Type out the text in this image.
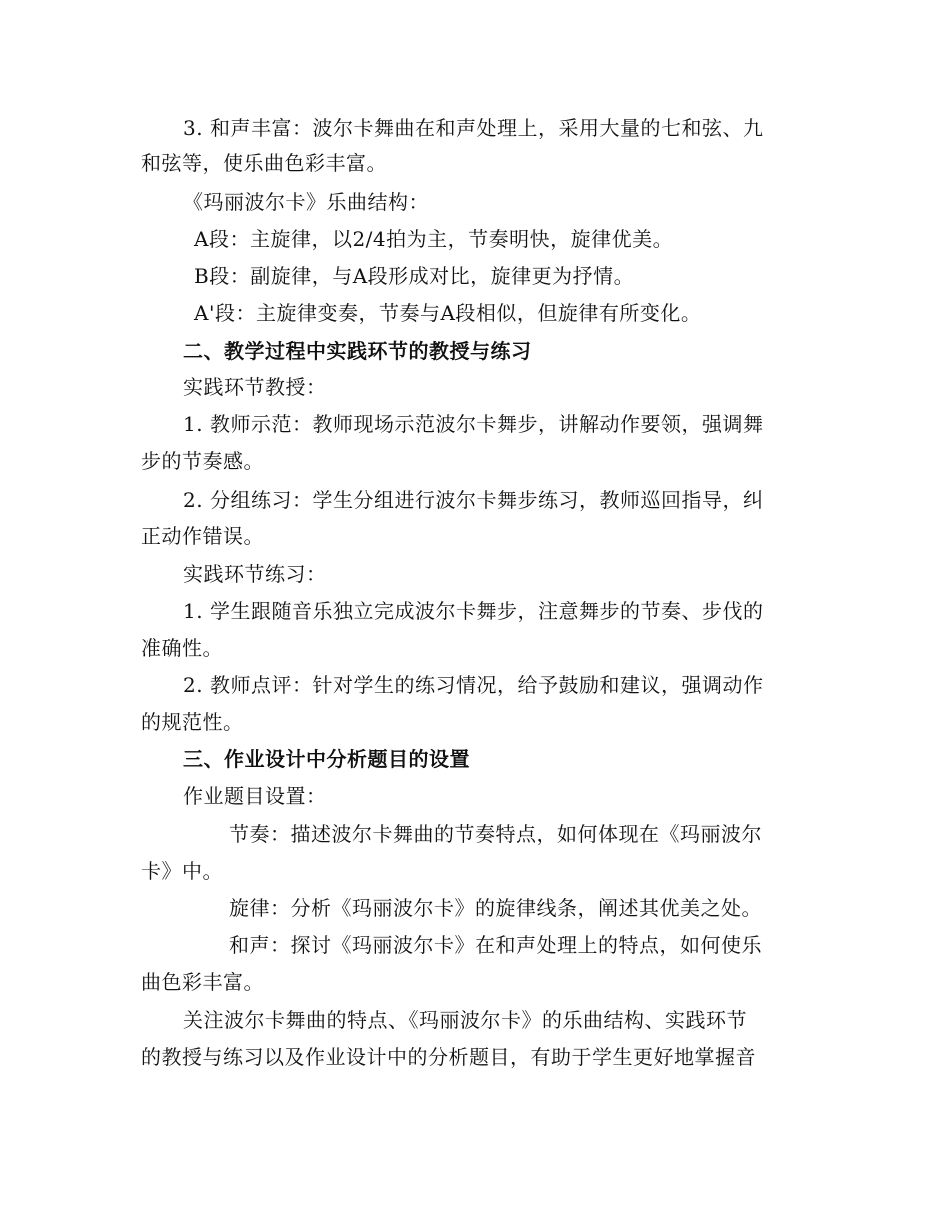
3. 和声丰富：波尔卡舞曲在和声处理上，采用大量的七和弦、九
和弦等，使乐曲色彩丰富。
《玛丽波尔卡》乐曲结构：
A段：主旋律，以2/4拍为主，节奏明快，旋律优美。
B段：副旋律，与A段形成对比，旋律更为抒情。
A'段：主旋律变奏，节奏与A段相似，但旋律有所变化。
二、教学过程中实践环节的教授与练习
实践环节教授：
1. 教师示范：教师现场示范波尔卡舞步，讲解动作要领，强调舞
步的节奏感。
2. 分组练习：学生分组进行波尔卡舞步练习，教师巡回指导，纠
正动作错误。
实践环节练习：
1. 学生跟随音乐独立完成波尔卡舞步，注意舞步的节奏、步伐的
准确性。
2. 教师点评：针对学生的练习情况，给予鼓励和建议，强调动作
的规范性。
三、作业设计中分析题目的设置
作业题目设置：
节奏：描述波尔卡舞曲的节奏特点，如何体现在《玛丽波尔
卡》中。
旋律：分析《玛丽波尔卡》的旋律线条，阐述其优美之处。
和声：探讨《玛丽波尔卡》在和声处理上的特点，如何使乐
曲色彩丰富。
关注波尔卡舞曲的特点、《玛丽波尔卡》的乐曲结构、实践环节
的教授与练习以及作业设计中的分析题目，有助于学生更好地掌握音
